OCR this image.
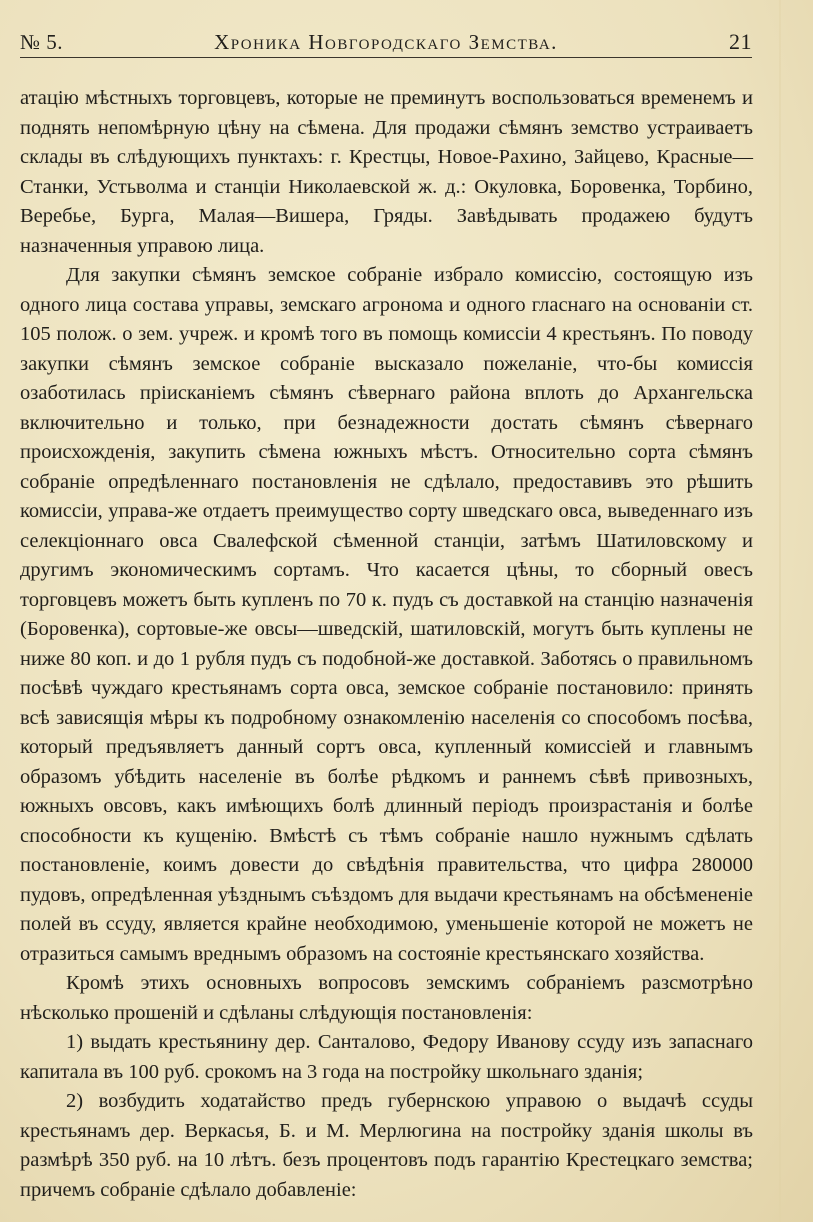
№ 5.	Хроника Новгородскаго Земства.	21

атацію мѣстныхъ торговцевъ, которые не преминутъ воспользоваться временемъ и поднять непомѣрную цѣну на сѣмена. Для продажи сѣмянъ земство устраиваетъ склады въ слѣдующихъ пунктахъ: г. Крестцы, Новое-Рахино, Зайцево, Красные—Станки, Устьволма и станціи Николаевской ж. д.: Окуловка, Боровенка, Торбино, Веребье, Бурга, Малая—Вишера, Гряды. Завѣдывать продажею будутъ назначенныя управою лица.

Для закупки сѣмянъ земское собраніе избрало комиссію, состоящую изъ одного лица состава управы, земскаго агронома и одного гласнаго на основаніи ст. 105 полож. о зем. учреж. и кромѣ того въ помощь комиссіи 4 крестьянъ. По поводу закупки сѣмянъ земское собраніе высказало пожеланіе, что-бы комиссія озаботилась пріисканіемъ сѣмянъ сѣвернаго района вплоть до Архангельска включительно и только, при безнадежности достать сѣмянъ сѣвернаго происхожденія, закупить сѣмена южныхъ мѣстъ. Относительно сорта сѣмянъ собраніе опредѣленнаго постановленія не сдѣлало, предоставивъ это рѣшить комиссіи, управа-же отдаетъ преимущество сорту шведскаго овса, выведеннаго изъ селекціоннаго овса Свалефской сѣменной станціи, затѣмъ Шатиловскому и другимъ экономическимъ сортамъ. Что касается цѣны, то сборный овесъ торговцевъ можетъ быть купленъ по 70 к. пудъ съ доставкой на станцію назначенія (Боровенка), сортовые-же овсы—шведскій, шатиловскій, могутъ быть куплены не ниже 80 коп. и до 1 рубля пудъ съ подобной-же доставкой. Заботясь о правильномъ посѣвѣ чуждаго крестьянамъ сорта овса, земское собраніе постановило: принять всѣ зависящія мѣры къ подробному ознакомленію населенія со способомъ посѣва, который предъявляетъ данный сортъ овса, купленный комиссіей и главнымъ образомъ убѣдить населеніе въ болѣе рѣдкомъ и раннемъ сѣвѣ привозныхъ, южныхъ овсовъ, какъ имѣющихъ болѣ длинный періодъ произрастанія и болѣе способности къ кущенію. Вмѣстѣ съ тѣмъ собраніе нашло нужнымъ сдѣлать постановленіе, коимъ довести до свѣдѣнія правительства, что цифра 280000 пудовъ, опредѣленная уѣзднымъ съѣздомъ для выдачи крестьянамъ на обсѣмененіе полей въ ссуду, является крайне необходимою, уменьшеніе которой не можетъ не отразиться самымъ вреднымъ образомъ на состояніе крестьянскаго хозяйства.

Кромѣ этихъ основныхъ вопросовъ земскимъ собраніемъ разсмотрѣно нѣсколько прошеній и сдѣланы слѣдующія постановленія:

1) выдать крестьянину дер. Санталово, Федору Иванову ссуду изъ запаснаго капитала въ 100 руб. срокомъ на 3 года на постройку школьнаго зданія;

2) возбудить ходатайство предъ губернскою управою о выдачѣ ссуды крестьянамъ дер. Веркасья, Б. и М. Мерлюгина на постройку зданія школы въ размѣрѣ 350 руб. на 10 лѣтъ. безъ процентовъ подъ гарантію Крестецкаго земства; причемъ собраніе сдѣлало добавленіе:
